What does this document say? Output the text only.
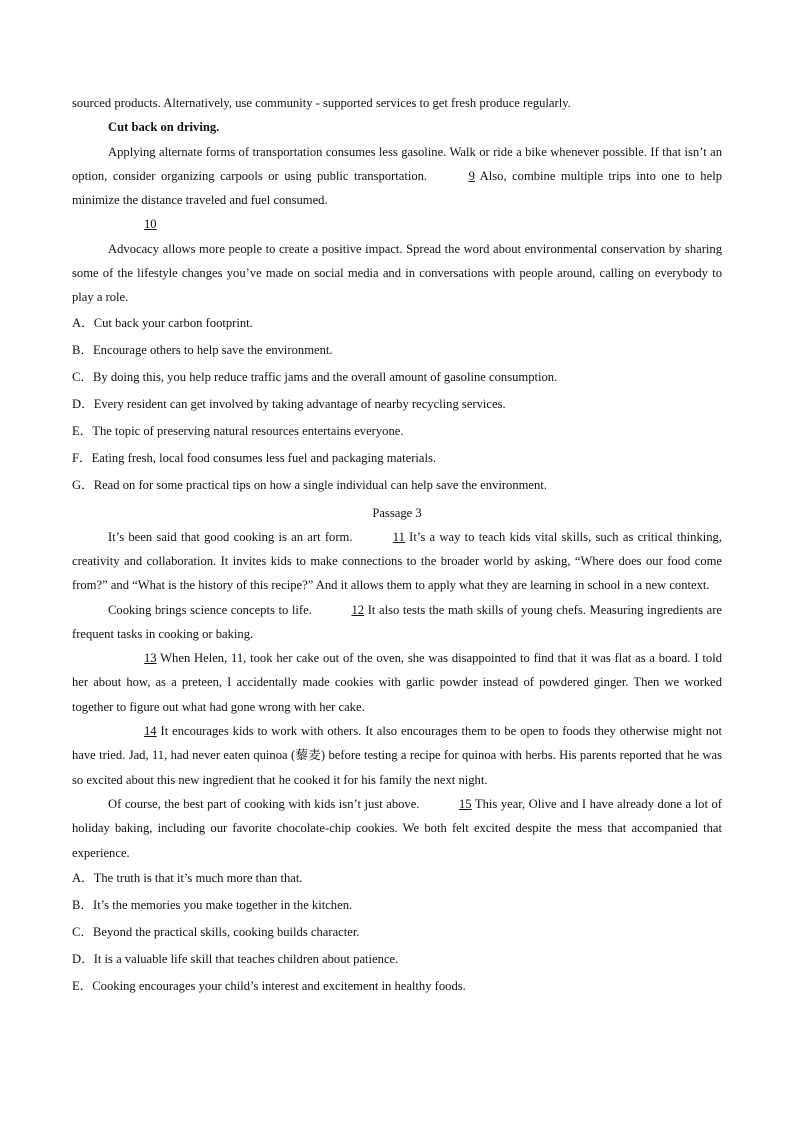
sourced products. Alternatively, use community - supported services to get fresh produce regularly.

Cut back on driving.

Applying alternate forms of transportation consumes less gasoline. Walk or ride a bike whenever possible. If that isn’t an option, consider organizing carpools or using public transportation.	9 Also, combine multiple trips into one to help minimize the distance traveled and fuel consumed.

10

Advocacy allows more people to create a positive impact. Spread the word about environmental conservation by sharing some of the lifestyle changes you’ve made on social media and in conversations with people around, calling on everybody to play a role.

A．Cut back your carbon footprint.

B．Encourage others to help save the environment.

C．By doing this, you help reduce traffic jams and the overall amount of gasoline consumption.

D．Every resident can get involved by taking advantage of nearby recycling services.

E．The topic of preserving natural resources entertains everyone.

F．Eating fresh, local food consumes less fuel and packaging materials.

G．Read on for some practical tips on how a single individual can help save the environment.

Passage 3

It’s been said that good cooking is an art form.	11 It’s a way to teach kids vital skills, such as critical thinking, creativity and collaboration. It invites kids to make connections to the broader world by asking, “Where does our food come from?” and “What is the history of this recipe?” And it allows them to apply what they are learning in school in a new context.

Cooking brings science concepts to life.	12 It also tests the math skills of young chefs. Measuring ingredients are frequent tasks in cooking or baking.

13 When Helen, 11, took her cake out of the oven, she was disappointed to find that it was flat as a board. I told her about how, as a preteen, I accidentally made cookies with garlic powder instead of powdered ginger. Then we worked together to figure out what had gone wrong with her cake.

14 It encourages kids to work with others. It also encourages them to be open to foods they otherwise might not have tried. Jad, 11, had never eaten quinoa (藜麦) before testing a recipe for quinoa with herbs. His parents reported that he was so excited about this new ingredient that he cooked it for his family the next night.

Of course, the best part of cooking with kids isn’t just above.	15 This year, Olive and I have already done a lot of holiday baking, including our favorite chocolate-chip cookies. We both felt excited despite the mess that accompanied that experience.

A．The truth is that it’s much more than that.

B．It’s the memories you make together in the kitchen.

C．Beyond the practical skills, cooking builds character.

D．It is a valuable life skill that teaches children about patience.

E．Cooking encourages your child’s interest and excitement in healthy foods.
